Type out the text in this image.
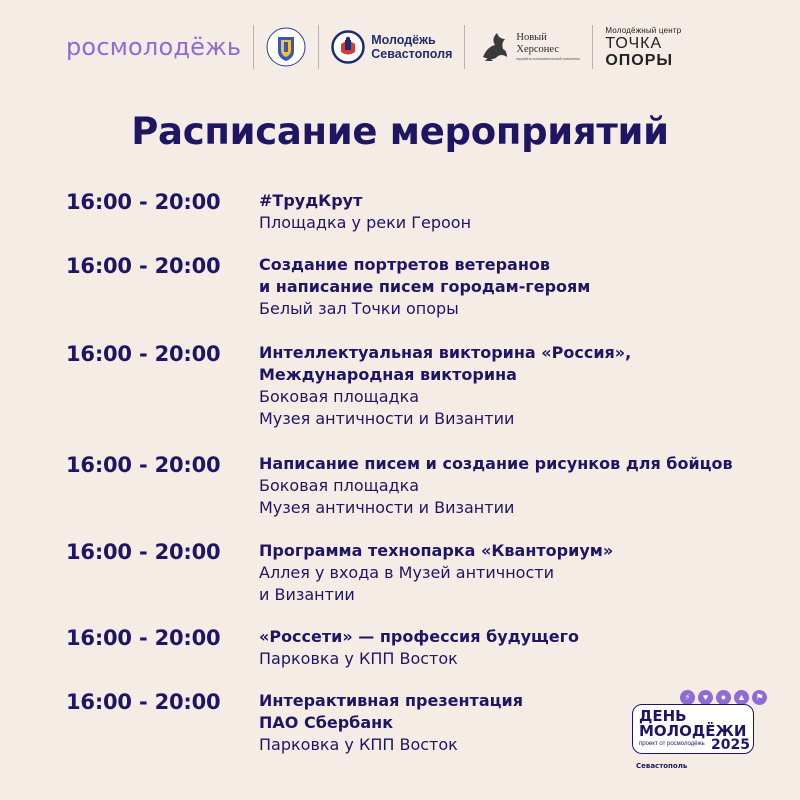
росмолодёжь	Молодёжь
Севастополя
Новый
Херсонес
музейно-паломнический комплекс
Молодёжный центр
ТОЧКА
ОПОРЫ
Расписание мероприятий
16:00 - 20:00 #ТрудКрут
Площадка у реки Героон
16:00 - 20:00 Создание портретов ветеранов
и написание писем городам-героям
Белый зал Точки опоры
16:00 - 20:00 Интеллектуальная викторина «Россия»,
Международная викторина
Боковая площадка
Музея античности и Византии
16:00 - 20:00 Написание писем и создание рисунков для бойцов
Боковая площадка
Музея античности и Византии
16:00 - 20:00 Программа технопарка «Кванториум»
Аллея у входа в Музей античности
и Византии
16:00 - 20:00 «Россети» — профессия будущего
Парковка у КПП Восток
16:00 - 20:00 Интерактивная презентация
ПАО Сбербанк
Парковка у КПП Восток
⚡	♥	●	▲	⚑
ДЕНЬ
МОЛОДЁЖИ
проект от росмолодёжь 2025
Севастополь
